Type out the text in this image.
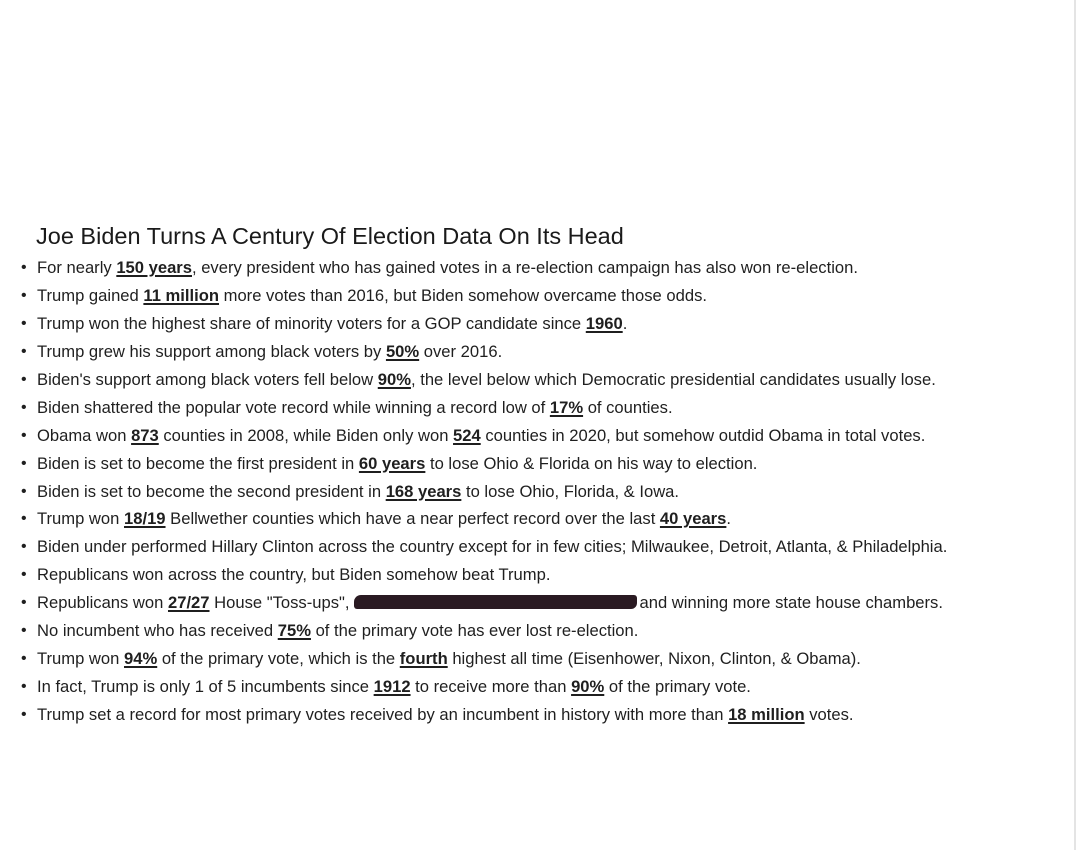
Joe Biden Turns A Century Of Election Data On Its Head
• For nearly 150 years, every president who has gained votes in a re-election campaign has also won re-election.
• Trump gained 11 million more votes than 2016, but Biden somehow overcame those odds.
• Trump won the highest share of minority voters for a GOP candidate since 1960.
• Trump grew his support among black voters by 50% over 2016.
• Biden's support among black voters fell below 90%, the level below which Democratic presidential candidates usually lose.
• Biden shattered the popular vote record while winning a record low of 17% of counties.
• Obama won 873 counties in 2008, while Biden only won 524 counties in 2020, but somehow outdid Obama in total votes.
• Biden is set to become the first president in 60 years to lose Ohio & Florida on his way to election.
• Biden is set to become the second president in 168 years to lose Ohio, Florida, & Iowa.
• Trump won 18/19 Bellwether counties which have a near perfect record over the last 40 years.
• Biden under performed Hillary Clinton across the country except for in few cities; Milwaukee, Detroit, Atlanta, & Philadelphia.
• Republicans won across the country, but Biden somehow beat Trump.
• Republicans won 27/27 House "Toss-ups",	and winning more state house chambers.
• No incumbent who has received 75% of the primary vote has ever lost re-election.
• Trump won 94% of the primary vote, which is the fourth highest all time (Eisenhower, Nixon, Clinton, & Obama).
• In fact, Trump is only 1 of 5 incumbents since 1912 to receive more than 90% of the primary vote.
• Trump set a record for most primary votes received by an incumbent in history with more than 18 million votes.
